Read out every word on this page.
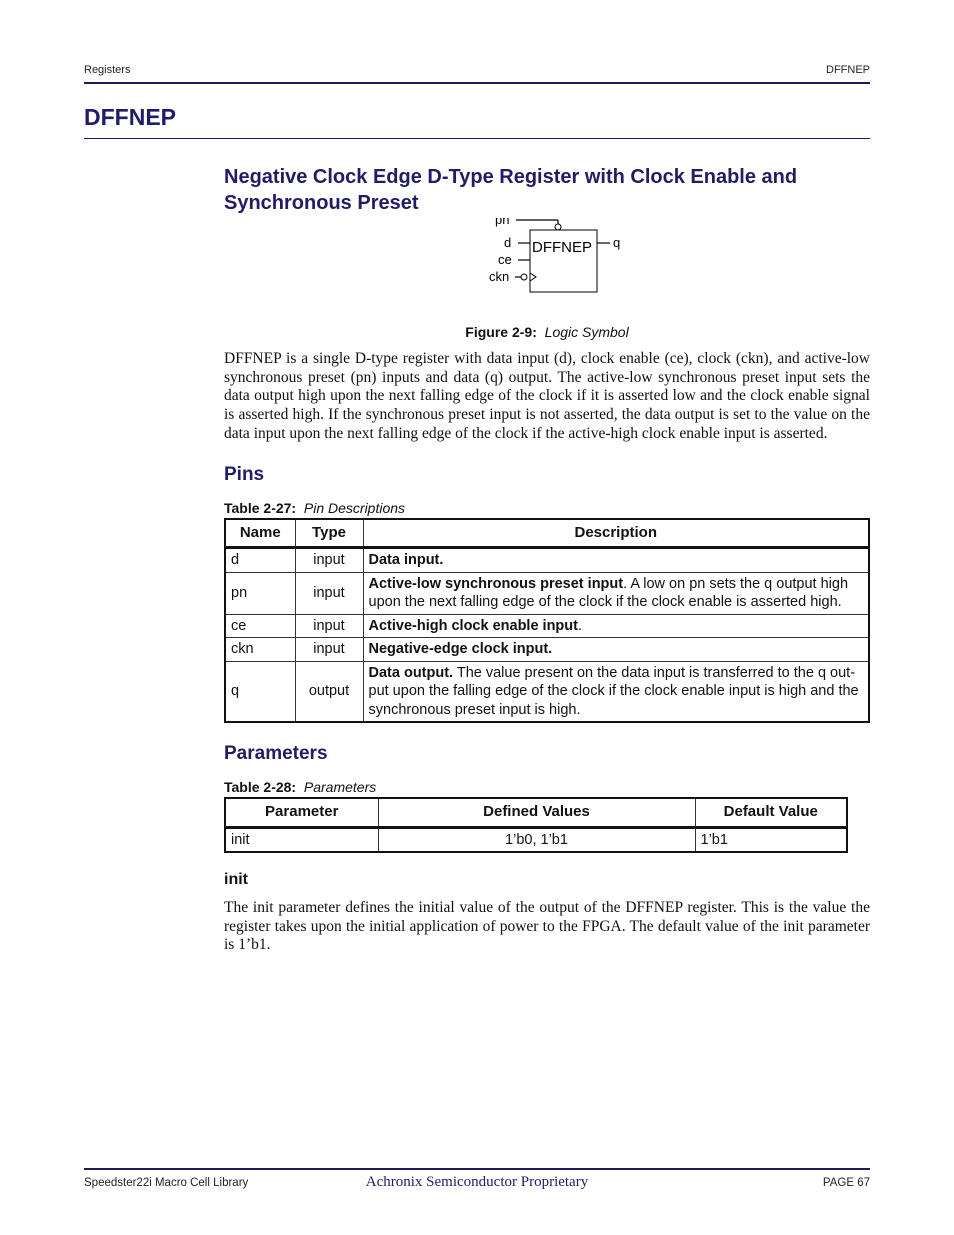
Registers	DFFNEP
DFFNEP
Negative Clock Edge D-Type Register with Clock Enable and Synchronous Preset
pn
d
ce
ckn
q
DFFNEP
Figure 2-9: Logic Symbol

DFFNEP is a single D-type register with data input (d), clock enable (ce), clock (ckn), and active-low synchronous preset (pn) inputs and data (q) output. The active-low synchronous preset input sets the data output high upon the next falling edge of the clock if it is asserted low and the clock enable signal is asserted high. If the synchronous preset input is not asserted, the data output is set to the value on the data input upon the next falling edge of the clock if the active-high clock enable input is asserted.

Pins
Table 2-27: Pin Descriptions
Name	Type	Description
d	input	Data input.
pn	input	Active-low synchronous preset input. A low on pn sets the q output high upon the next falling edge of the clock if the clock enable is asserted high.
ce	input	Active-high clock enable input.
ckn	input	Negative-edge clock input.
q	output	Data output. The value present on the data input is transferred to the q out-put upon the falling edge of the clock if the clock enable input is high and the synchronous preset input is high.
Parameters
Table 2-28: Parameters
Parameter	Defined Values	Default Value
init	1’b0, 1’b1	1’b1
init

The init parameter defines the initial value of the output of the DFFNEP register. This is the value the register takes upon the initial application of power to the FPGA. The default value of the init parameter is 1’b1.

Speedster22i Macro Cell Library	Achronix Semiconductor Proprietary	PAGE 67
